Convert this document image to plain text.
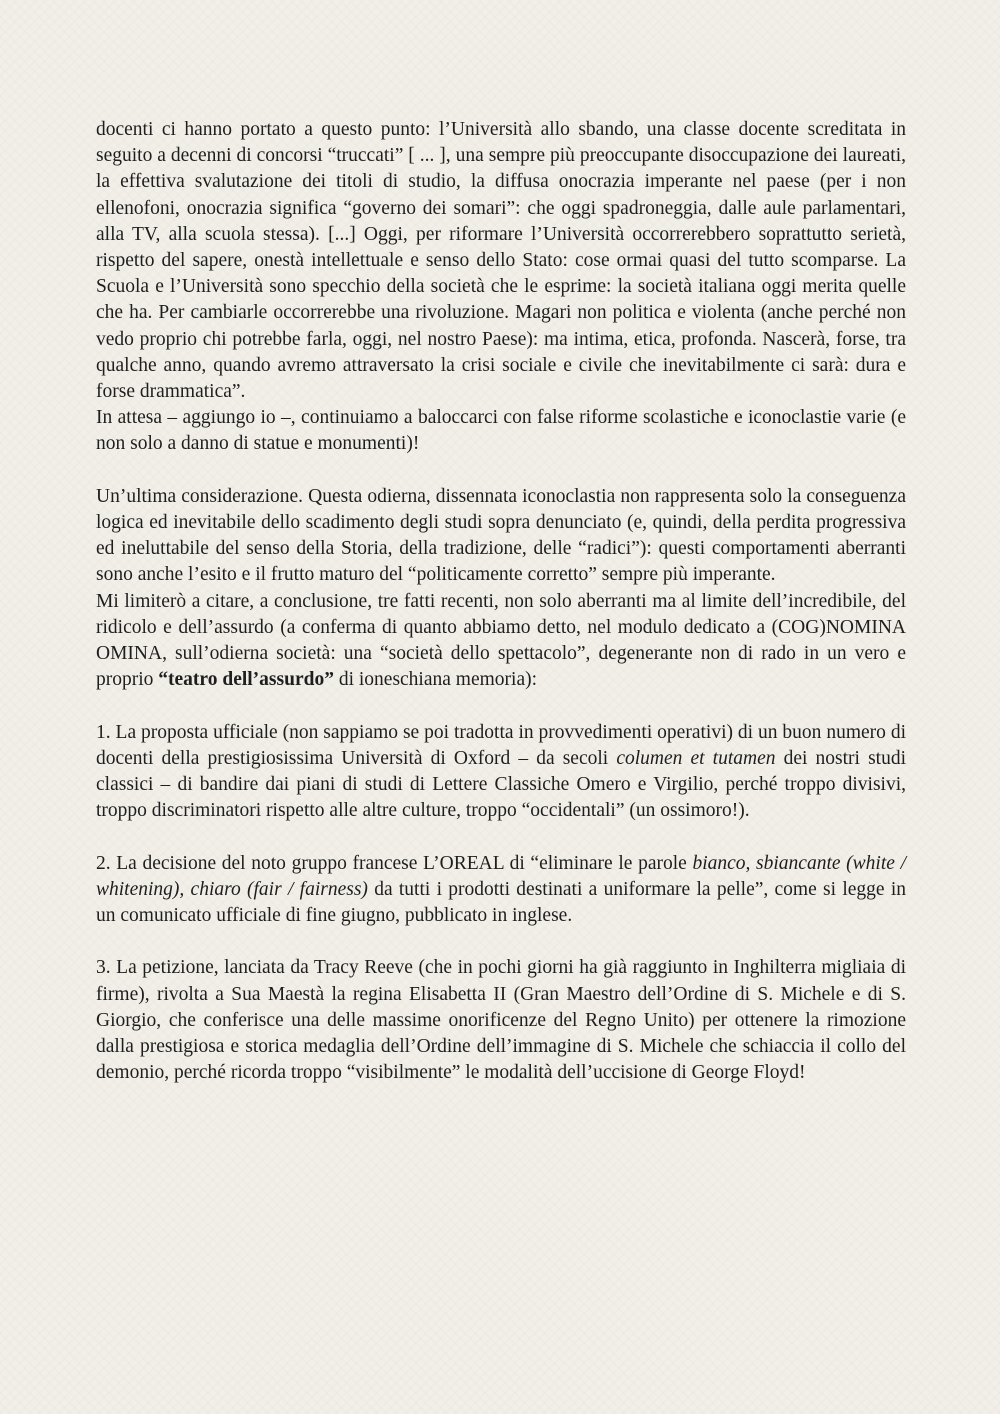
docenti ci hanno portato a questo punto: l’Università allo sbando, una classe docente screditata in seguito a decenni di concorsi “truccati” [ ... ], una sempre più preoccupante disoccupazione dei laureati, la effettiva svalutazione dei titoli di studio, la diffusa onocrazia imperante nel paese (per i non ellenofoni, onocrazia significa “governo dei somari”: che oggi spadroneggia, dalle aule parlamentari, alla TV, alla scuola stessa). [...] Oggi, per riformare l’Università occorrerebbero soprattutto serietà, rispetto del sapere, onestà intellettuale e senso dello Stato: cose ormai quasi del tutto scomparse. La Scuola e l’Università sono specchio della società che le esprime: la società italiana oggi merita quelle che ha. Per cambiarle occorrerebbe una rivoluzione. Magari non politica e violenta (anche perché non vedo proprio chi potrebbe farla, oggi, nel nostro Paese): ma intima, etica, profonda. Nascerà, forse, tra qualche anno, quando avremo attraversato la crisi sociale e civile che inevitabilmente ci sarà: dura e forse drammatica”.

In attesa – aggiungo io –, continuiamo a baloccarci con false riforme scolastiche e iconoclastie varie (e non solo a danno di statue e monumenti)!

Un’ultima considerazione. Questa odierna, dissennata iconoclastia non rappresenta solo la conseguenza logica ed inevitabile dello scadimento degli studi sopra denunciato (e, quindi, della perdita progressiva ed ineluttabile del senso della Storia, della tradizione, delle “radici”): questi comportamenti aberranti sono anche l’esito e il frutto maturo del “politicamente corretto” sempre più imperante.

Mi limiterò a citare, a conclusione, tre fatti recenti, non solo aberranti ma al limite dell’incredibile, del ridicolo e dell’assurdo (a conferma di quanto abbiamo detto, nel modulo dedicato a (COG)NOMINA OMINA, sull’odierna società: una “società dello spettacolo”, degenerante non di rado in un vero e proprio “teatro dell’assurdo” di ioneschiana memoria):

1. La proposta ufficiale (non sappiamo se poi tradotta in provvedimenti operativi) di un buon numero di docenti della prestigiosissima Università di Oxford – da secoli columen et tutamen dei nostri studi classici – di bandire dai piani di studi di Lettere Classiche Omero e Virgilio, perché troppo divisivi, troppo discriminatori rispetto alle altre culture, troppo “occidentali” (un ossimoro!).

2. La decisione del noto gruppo francese L’OREAL di “eliminare le parole bianco, sbiancante (white / whitening), chiaro (fair / fairness) da tutti i prodotti destinati a uniformare la pelle”, come si legge in un comunicato ufficiale di fine giugno, pubblicato in inglese.

3. La petizione, lanciata da Tracy Reeve (che in pochi giorni ha già raggiunto in Inghilterra migliaia di firme), rivolta a Sua Maestà la regina Elisabetta II (Gran Maestro dell’Ordine di S. Michele e di S. Giorgio, che conferisce una delle massime onorificenze del Regno Unito) per ottenere la rimozione dalla prestigiosa e storica medaglia dell’Ordine dell’immagine di S. Michele che schiaccia il collo del demonio, perché ricorda troppo “visibilmente” le modalità dell’uccisione di George Floyd!
